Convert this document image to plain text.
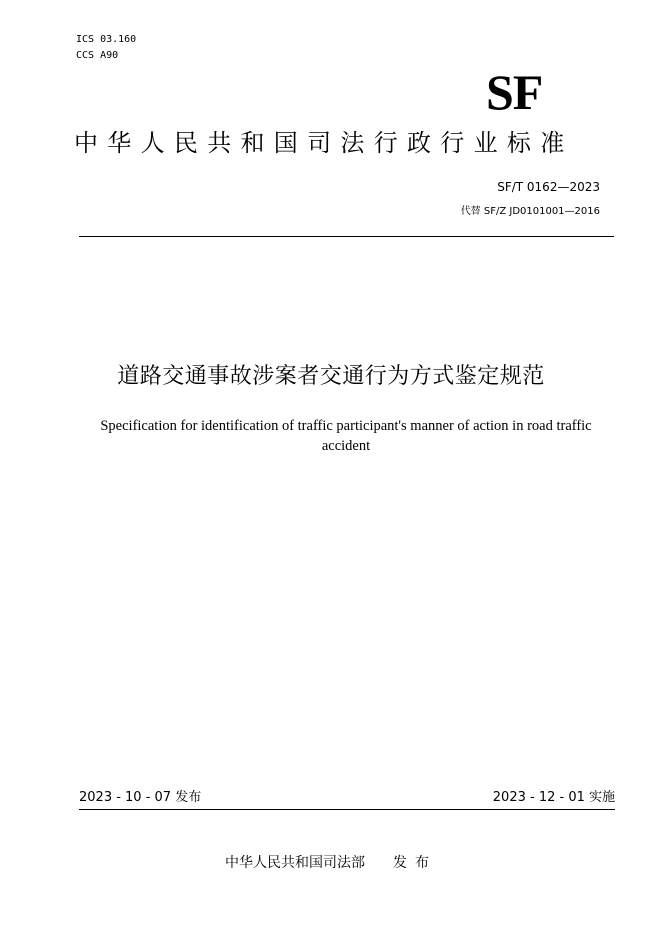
ICS 03.160
CCS A90
SF
中华人民共和国司法行政行业标准
SF/T 0162—2023
代替 SF/Z JD0101001—2016
道路交通事故涉案者交通行为方式鉴定规范
Specification for identification of traffic participant's manner of action in road traffic accident
2023 - 10 - 07 发布	2023 - 12 - 01 实施
中华人民共和国司法部 发布
